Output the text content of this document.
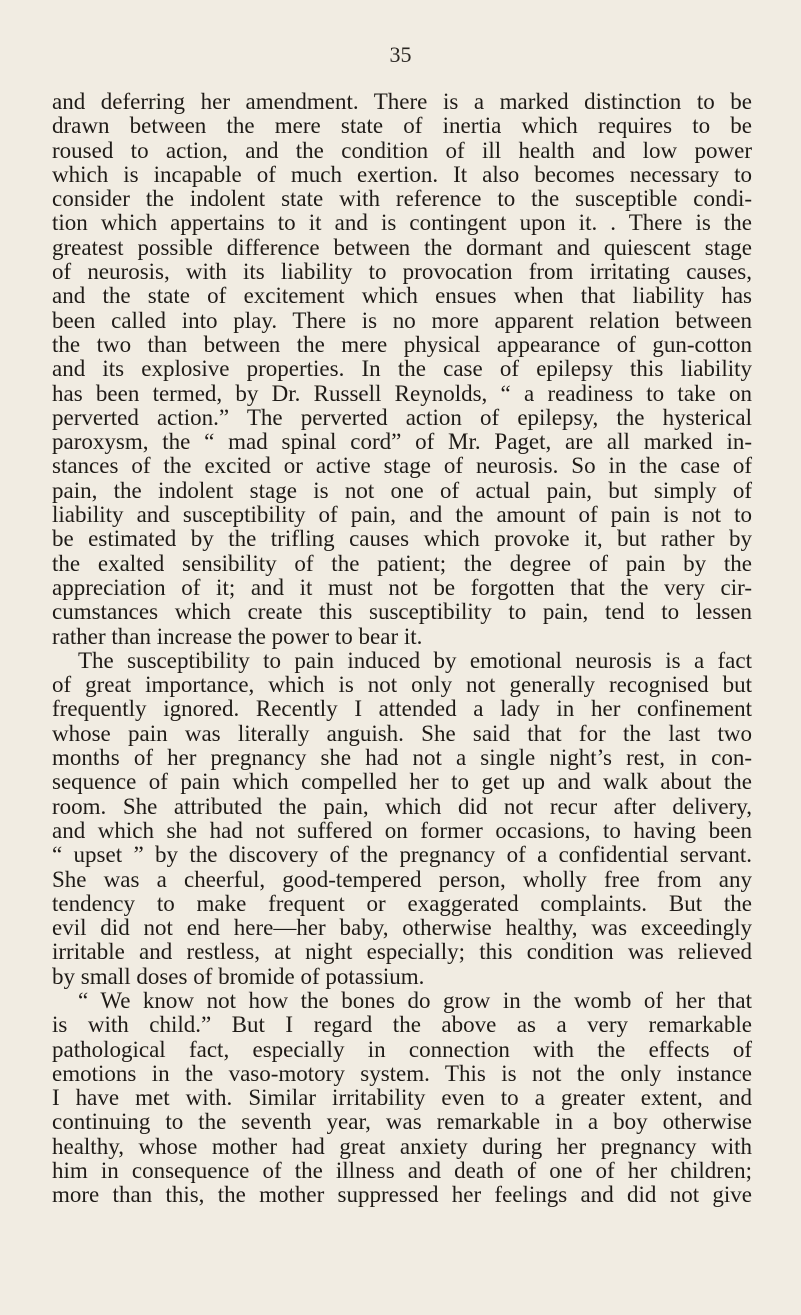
35
and deferring her amendment. There is a marked distinction to be
drawn between the mere state of inertia which requires to be
roused to action, and the condition of ill health and low power
which is incapable of much exertion. It also becomes necessary to
consider the indolent state with reference to the susceptible condi-
tion which appertains to it and is contingent upon it. . There is the
greatest possible difference between the dormant and quiescent stage
of neurosis, with its liability to provocation from irritating causes,
and the state of excitement which ensues when that liability has
been called into play. There is no more apparent relation between
the two than between the mere physical appearance of gun-cotton
and its explosive properties. In the case of epilepsy this liability
has been termed, by Dr. Russell Reynolds, “ a readiness to take on
perverted action.” The perverted action of epilepsy, the hysterical
paroxysm, the “ mad spinal cord” of Mr. Paget, are all marked in-
stances of the excited or active stage of neurosis. So in the case of
pain, the indolent stage is not one of actual pain, but simply of
liability and susceptibility of pain, and the amount of pain is not to
be estimated by the trifling causes which provoke it, but rather by
the exalted sensibility of the patient; the degree of pain by the
appreciation of it; and it must not be forgotten that the very cir-
cumstances which create this susceptibility to pain, tend to lessen
rather than increase the power to bear it.
The susceptibility to pain induced by emotional neurosis is a fact
of great importance, which is not only not generally recognised but
frequently ignored. Recently I attended a lady in her confinement
whose pain was literally anguish. She said that for the last two
months of her pregnancy she had not a single night’s rest, in con-
sequence of pain which compelled her to get up and walk about the
room. She attributed the pain, which did not recur after delivery,
and which she had not suffered on former occasions, to having been
“ upset ” by the discovery of the pregnancy of a confidential servant.
She was a cheerful, good-tempered person, wholly free from any
tendency to make frequent or exaggerated complaints. But the
evil did not end here—her baby, otherwise healthy, was exceedingly
irritable and restless, at night especially; this condition was relieved
by small doses of bromide of potassium.
“ We know not how the bones do grow in the womb of her that
is with child.” But I regard the above as a very remarkable
pathological fact, especially in connection with the effects of
emotions in the vaso-motory system. This is not the only instance
I have met with. Similar irritability even to a greater extent, and
continuing to the seventh year, was remarkable in a boy otherwise
healthy, whose mother had great anxiety during her pregnancy with
him in consequence of the illness and death of one of her children;
more than this, the mother suppressed her feelings and did not give
